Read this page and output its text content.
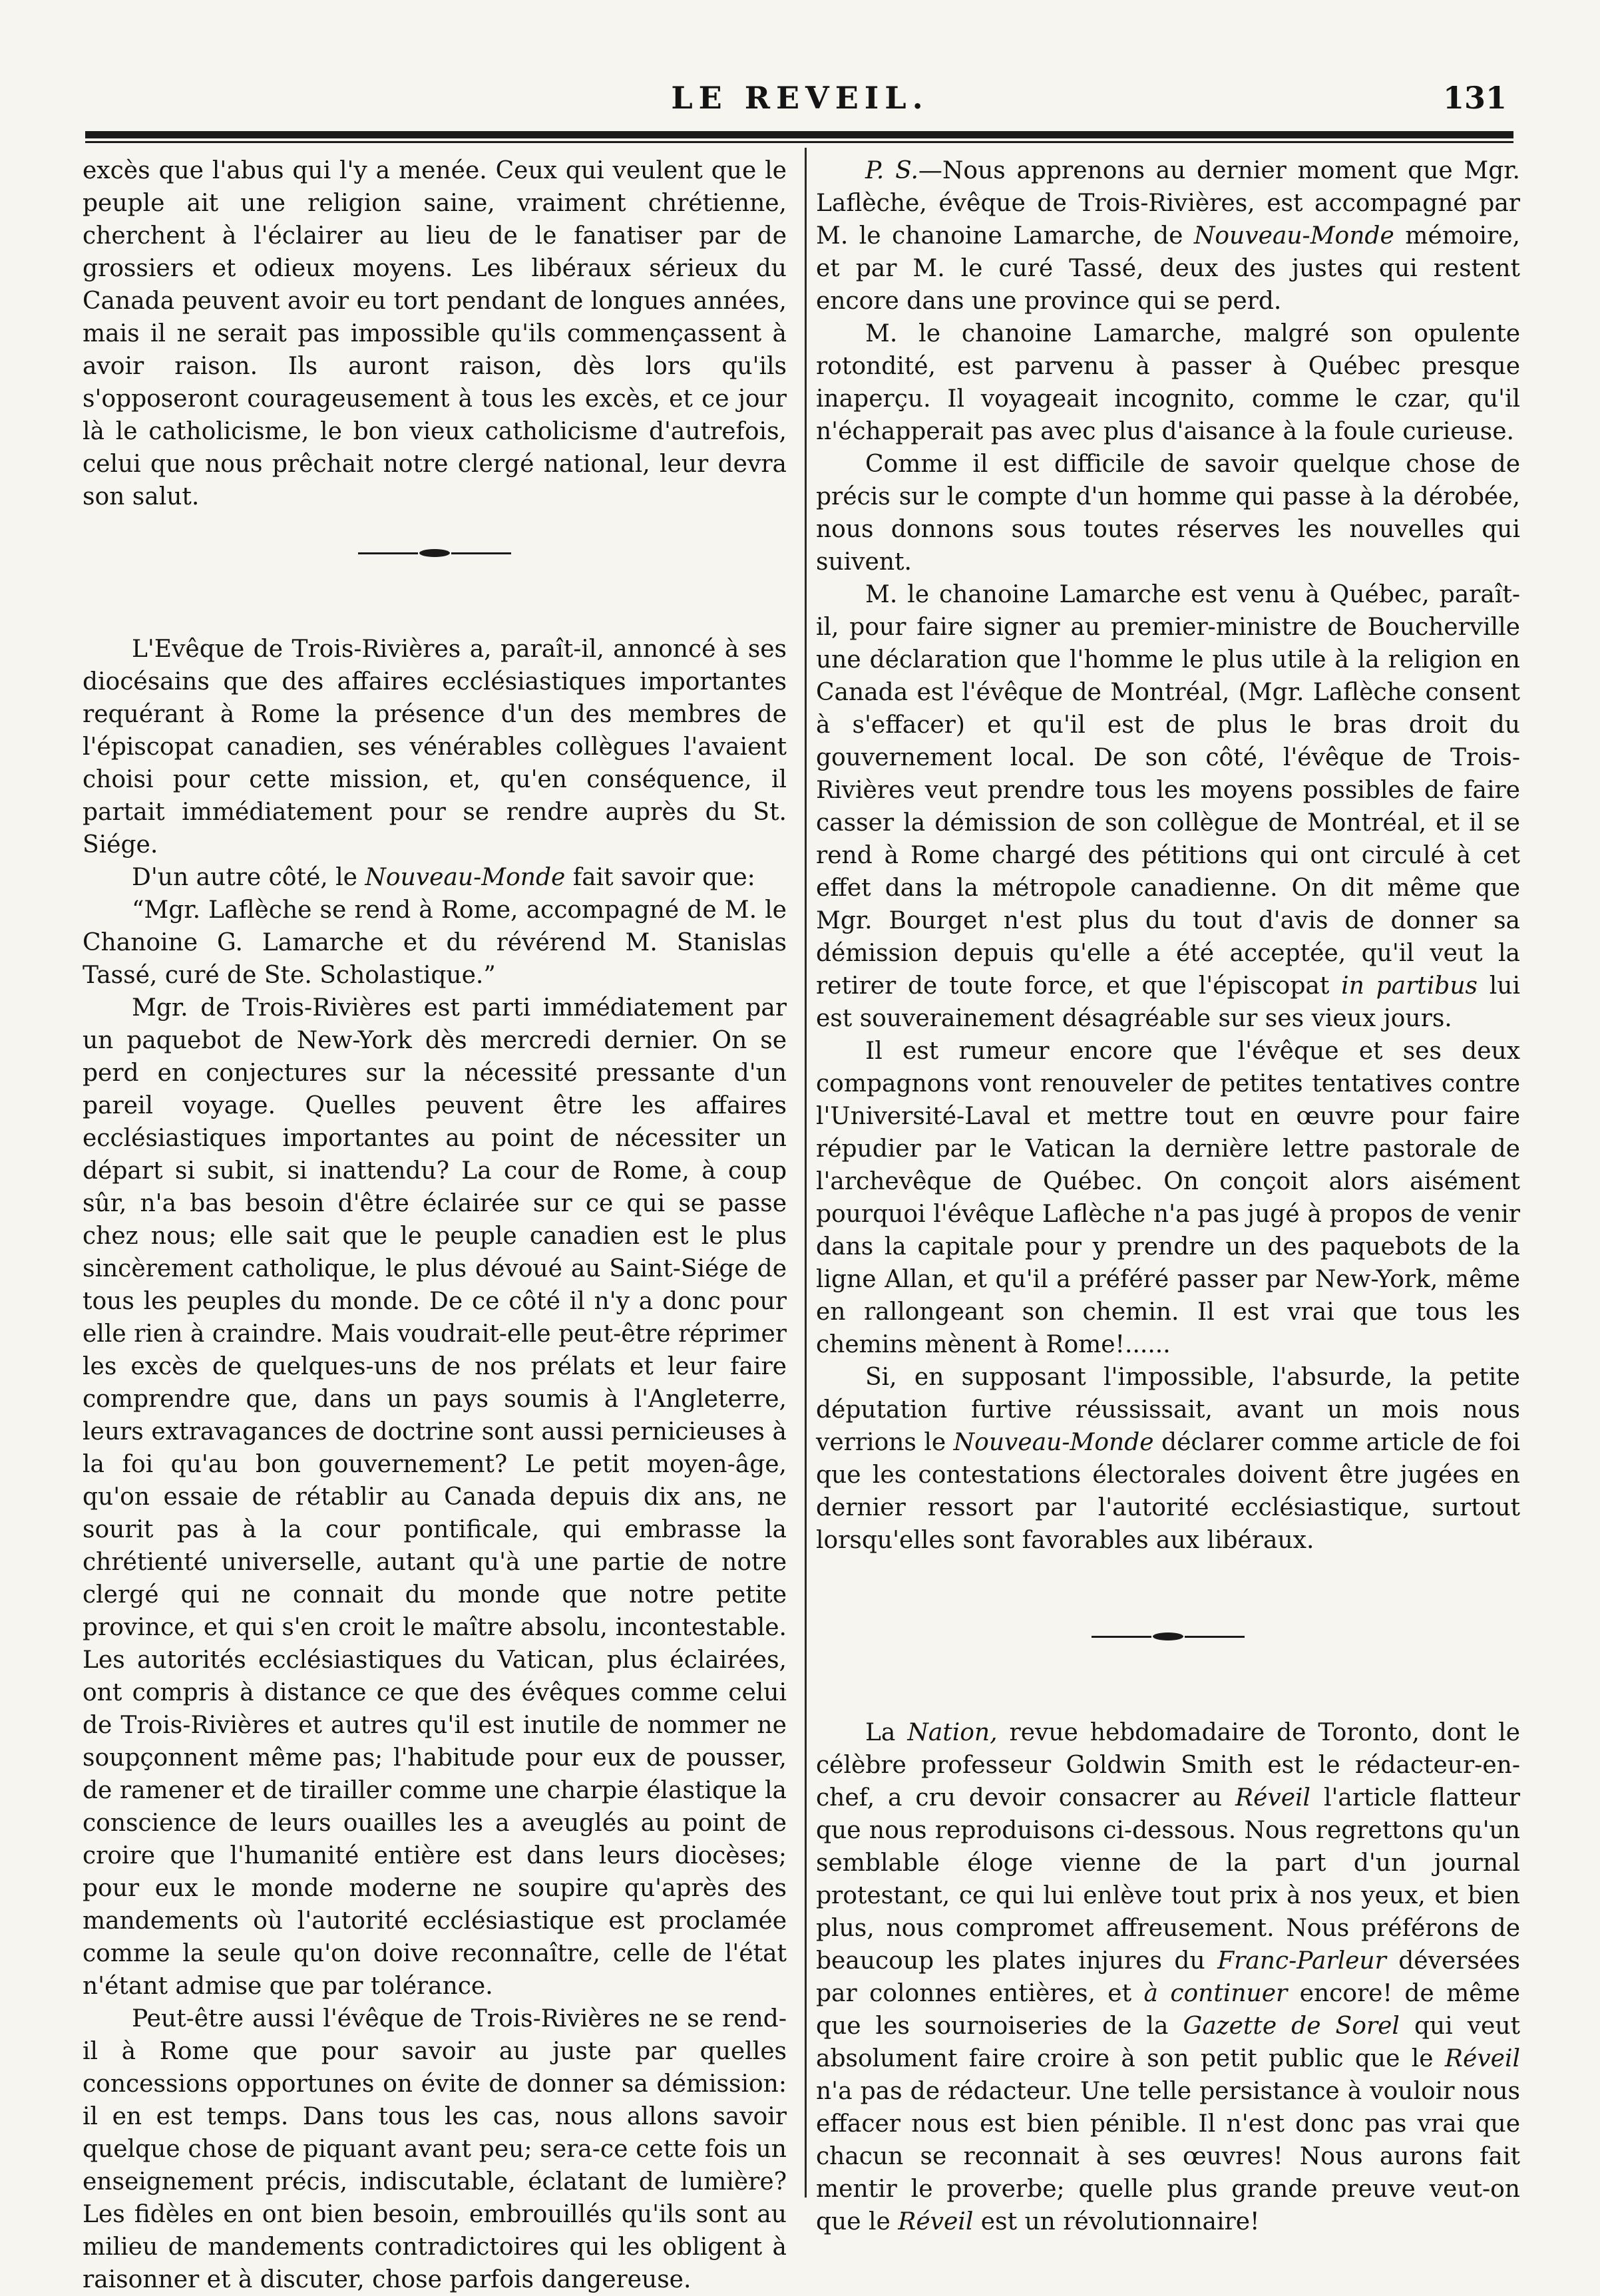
LE REVEIL.	131

excès que l'abus qui l'y a menée. Ceux qui veulent que le peuple ait une religion saine, vraiment chrétienne, cherchent à l'éclairer au lieu de le fanatiser par de grossiers et odieux moyens. Les libéraux sérieux du Canada peuvent avoir eu tort pendant de longues années, mais il ne serait pas impossible qu'ils commençassent à avoir raison. Ils auront raison, dès lors qu'ils s'opposeront courageusement à tous les excès, et ce jour là le catholicisme, le bon vieux catholicisme d'autrefois, celui que nous prêchait notre clergé national, leur devra son salut.

L'Evêque de Trois-Rivières a, paraît-il, annoncé à ses diocésains que des affaires ecclésiastiques importantes requérant à Rome la présence d'un des membres de l'épiscopat canadien, ses vénérables collègues l'avaient choisi pour cette mission, et, qu'en conséquence, il partait immédiatement pour se rendre auprès du St. Siége.

D'un autre côté, le Nouveau-Monde fait savoir que:

“Mgr. Laflèche se rend à Rome, accompagné de M. le Chanoine G. Lamarche et du révérend M. Stanislas Tassé, curé de Ste. Scholastique.”

Mgr. de Trois-Rivières est parti immédiatement par un paquebot de New-York dès mercredi dernier. On se perd en conjectures sur la nécessité pressante d'un pareil voyage. Quelles peuvent être les affaires ecclésiastiques importantes au point de nécessiter un départ si subit, si inattendu? La cour de Rome, à coup sûr, n'a bas besoin d'être éclairée sur ce qui se passe chez nous; elle sait que le peuple canadien est le plus sincèrement catholique, le plus dévoué au Saint-Siége de tous les peuples du monde. De ce côté il n'y a donc pour elle rien à craindre. Mais voudrait-elle peut-être réprimer les excès de quelques-uns de nos prélats et leur faire comprendre que, dans un pays soumis à l'Angleterre, leurs extravagances de doctrine sont aussi pernicieuses à la foi qu'au bon gouvernement? Le petit moyen-âge, qu'on essaie de rétablir au Canada depuis dix ans, ne sourit pas à la cour pontificale, qui embrasse la chrétienté universelle, autant qu'à une partie de notre clergé qui ne connait du monde que notre petite province, et qui s'en croit le maître absolu, incontestable. Les autorités ecclésiastiques du Vatican, plus éclairées, ont compris à distance ce que des évêques comme celui de Trois-Rivières et autres qu'il est inutile de nommer ne soupçonnent même pas; l'habitude pour eux de pousser, de ramener et de tirailler comme une charpie élastique la conscience de leurs ouailles les a aveuglés au point de croire que l'humanité entière est dans leurs diocèses; pour eux le monde moderne ne soupire qu'après des mandements où l'autorité ecclésiastique est proclamée comme la seule qu'on doive reconnaître, celle de l'état n'étant admise que par tolérance.

Peut-être aussi l'évêque de Trois-Rivières ne se rend-il à Rome que pour savoir au juste par quelles concessions opportunes on évite de donner sa démission: il en est temps. Dans tous les cas, nous allons savoir quelque chose de piquant avant peu; sera-ce cette fois un enseignement précis, indiscutable, éclatant de lumière? Les fidèles en ont bien besoin, embrouillés qu'ils sont au milieu de mandements contradictoires qui les obligent à raisonner et à discuter, chose parfois dangereuse.

P. S.—Nous apprenons au dernier moment que Mgr. Laflèche, évêque de Trois-Rivières, est accompagné par M. le chanoine Lamarche, de Nouveau-Monde mémoire, et par M. le curé Tassé, deux des justes qui restent encore dans une province qui se perd.

M. le chanoine Lamarche, malgré son opulente rotondité, est parvenu à passer à Québec presque inaperçu. Il voyageait incognito, comme le czar, qu'il n'échapperait pas avec plus d'aisance à la foule curieuse.

Comme il est difficile de savoir quelque chose de précis sur le compte d'un homme qui passe à la dérobée, nous donnons sous toutes réserves les nouvelles qui suivent.

M. le chanoine Lamarche est venu à Québec, paraît-il, pour faire signer au premier-ministre de Boucherville une déclaration que l'homme le plus utile à la religion en Canada est l'évêque de Montréal, (Mgr. Laflèche consent à s'effacer) et qu'il est de plus le bras droit du gouvernement local. De son côté, l'évêque de Trois-Rivières veut prendre tous les moyens possibles de faire casser la démission de son collègue de Montréal, et il se rend à Rome chargé des pétitions qui ont circulé à cet effet dans la métropole canadienne. On dit même que Mgr. Bourget n'est plus du tout d'avis de donner sa démission depuis qu'elle a été acceptée, qu'il veut la retirer de toute force, et que l'épiscopat in partibus lui est souverainement désagréable sur ses vieux jours.

Il est rumeur encore que l'évêque et ses deux compagnons vont renouveler de petites tentatives contre l'Université-Laval et mettre tout en œuvre pour faire répudier par le Vatican la dernière lettre pastorale de l'archevêque de Québec. On conçoit alors aisément pourquoi l'évêque Laflèche n'a pas jugé à propos de venir dans la capitale pour y prendre un des paquebots de la ligne Allan, et qu'il a préféré passer par New-York, même en rallongeant son chemin. Il est vrai que tous les chemins mènent à Rome!......

Si, en supposant l'impossible, l'absurde, la petite députation furtive réussissait, avant un mois nous verrions le Nouveau-Monde déclarer comme article de foi que les contestations électorales doivent être jugées en dernier ressort par l'autorité ecclésiastique, surtout lorsqu'elles sont favorables aux libéraux.

La Nation, revue hebdomadaire de Toronto, dont le célèbre professeur Goldwin Smith est le rédacteur-en-chef, a cru devoir consacrer au Réveil l'article flatteur que nous reproduisons ci-dessous. Nous regrettons qu'un semblable éloge vienne de la part d'un journal protestant, ce qui lui enlève tout prix à nos yeux, et bien plus, nous compromet affreusement. Nous préférons de beaucoup les plates injures du Franc-Parleur déversées par colonnes entières, et à continuer encore! de même que les sournoiseries de la Gazette de Sorel qui veut absolument faire croire à son petit public que le Réveil n'a pas de rédacteur. Une telle persistance à vouloir nous effacer nous est bien pénible. Il n'est donc pas vrai que chacun se reconnait à ses œuvres! Nous aurons fait mentir le proverbe; quelle plus grande preuve veut-on que le Réveil est un révolutionnaire!
